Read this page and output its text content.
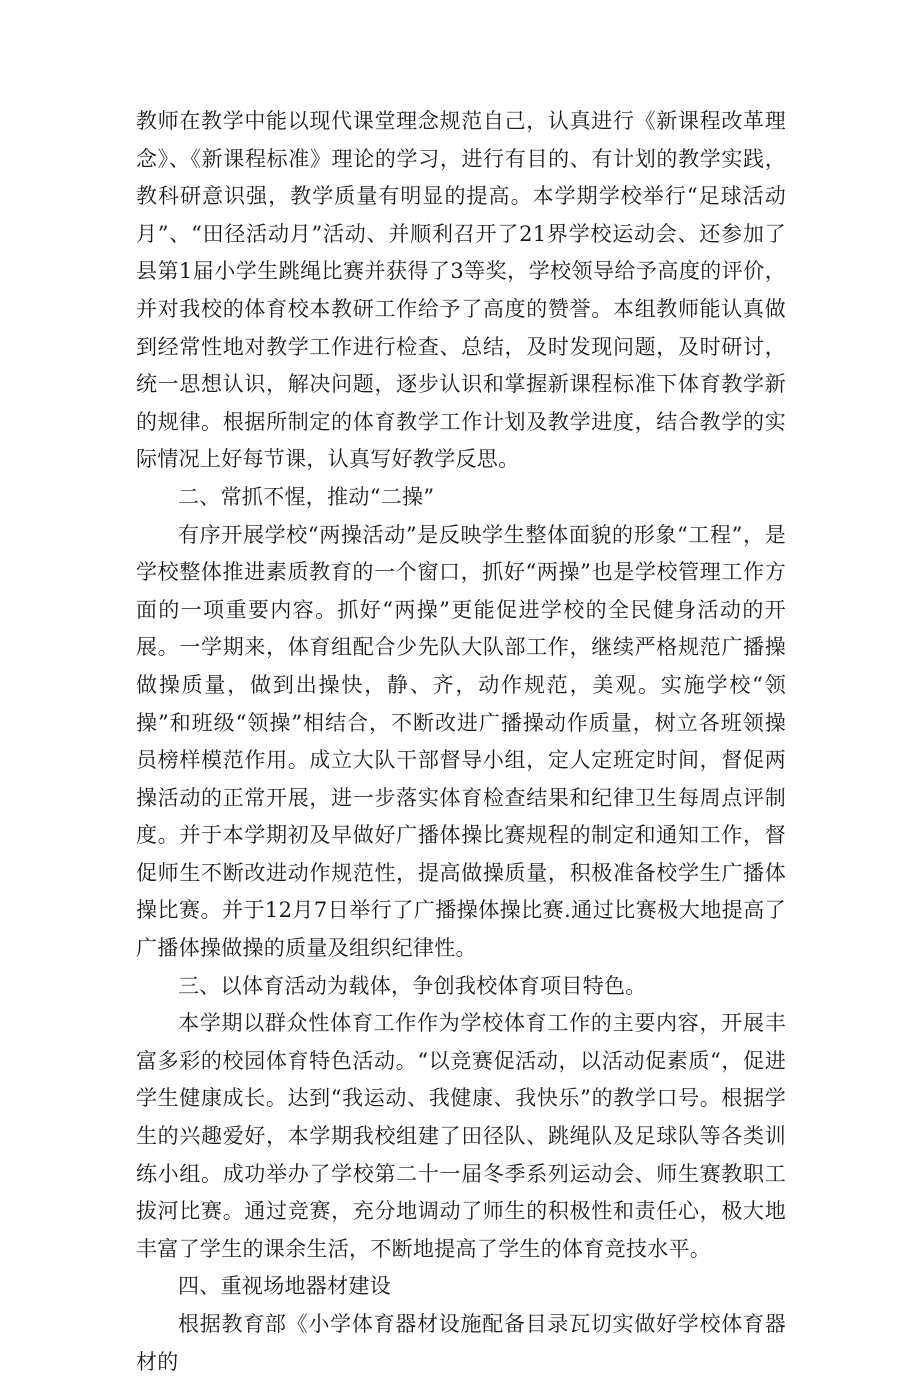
教师在教学中能以现代课堂理念规范自己，认真进行《新课程改革理念》、《新课程标准》理论的学习，进行有目的、有计划的教学实践，教科研意识强，教学质量有明显的提高。本学期学校举行“足球活动月”、“田径活动月”活动、并顺利召开了21界学校运动会、还参加了县第1届小学生跳绳比赛并获得了3等奖，学校领导给予高度的评价，并对我校的体育校本教研工作给予了高度的赞誉。本组教师能认真做到经常性地对教学工作进行检查、总结，及时发现问题，及时研讨，统一思想认识，解决问题，逐步认识和掌握新课程标准下体育教学新的规律。根据所制定的体育教学工作计划及教学进度，结合教学的实际情况上好每节课，认真写好教学反思。

二、常抓不惺，推动“二操”

有序开展学校“两操活动”是反映学生整体面貌的形象“工程”，是学校整体推进素质教育的一个窗口，抓好“两操”也是学校管理工作方面的一项重要内容。抓好“两操”更能促进学校的全民健身活动的开展。一学期来，体育组配合少先队大队部工作，继续严格规范广播操做操质量，做到出操快，静、齐，动作规范，美观。实施学校“领操”和班级“领操”相结合，不断改进广播操动作质量，树立各班领操员榜样模范作用。成立大队干部督导小组，定人定班定时间，督促两操活动的正常开展，进一步落实体育检查结果和纪律卫生每周点评制度。并于本学期初及早做好广播体操比赛规程的制定和通知工作，督促师生不断改进动作规范性，提高做操质量，积极准备校学生广播体操比赛。并于12月7日举行了广播操体操比赛.通过比赛极大地提高了广播体操做操的质量及组织纪律性。

三、以体育活动为载体，争创我校体育项目特色。

本学期以群众性体育工作作为学校体育工作的主要内容，开展丰富多彩的校园体育特色活动。“以竞赛促活动，以活动促素质“，促进学生健康成长。达到“我运动、我健康、我快乐”的教学口号。根据学生的兴趣爱好，本学期我校组建了田径队、跳绳队及足球队等各类训练小组。成功举办了学校第二十一届冬季系列运动会、师生赛教职工拔河比赛。通过竞赛，充分地调动了师生的积极性和责任心，极大地丰富了学生的课余生活，不断地提高了学生的体育竞技水平。

四、重视场地器材建设

根据教育部《小学体育器材设施配备目录瓦切实做好学校体育器材的
